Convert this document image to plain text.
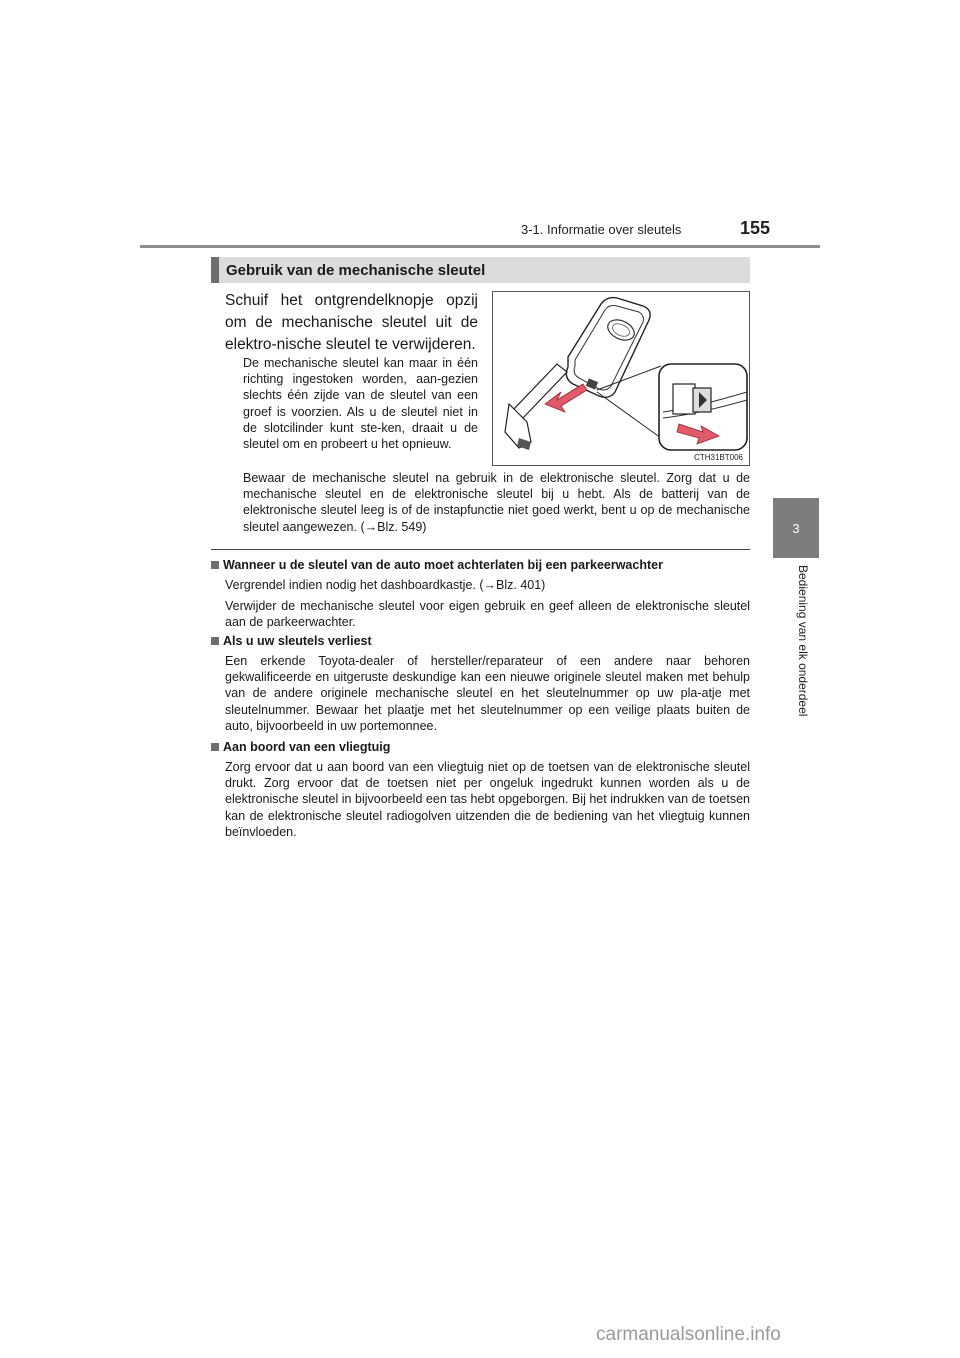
3-1. Informatie over sleutels	155
3
Bediening van elk onderdeel
Gebruik van de mechanische sleutel
Schuif het ontgrendelknopje opzij om de mechanische sleutel uit de elektro-nische sleutel te verwijderen.
De mechanische sleutel kan maar in één richting ingestoken worden, aan-gezien slechts één zijde van de sleutel van een groef is voorzien. Als u de sleutel niet in de slotcilinder kunt ste-ken, draait u de sleutel om en probeert u het opnieuw.
CTH31BT006
Bewaar de mechanische sleutel na gebruik in de elektronische sleutel. Zorg dat u de mechanische sleutel en de elektronische sleutel bij u hebt. Als de batterij van de elektronische sleutel leeg is of de instapfunctie niet goed werkt, bent u op de mechanische sleutel aangewezen. (→Blz. 549)
Wanneer u de sleutel van de auto moet achterlaten bij een parkeerwachter

Vergrendel indien nodig het dashboardkastje. (→Blz. 401)

Verwijder de mechanische sleutel voor eigen gebruik en geef alleen de elektronische sleutel aan de parkeerwachter.

Als u uw sleutels verliest

Een erkende Toyota-dealer of hersteller/reparateur of een andere naar behoren gekwalificeerde en uitgeruste deskundige kan een nieuwe originele sleutel maken met behulp van de andere originele mechanische sleutel en het sleutelnummer op uw pla-atje met sleutelnummer. Bewaar het plaatje met het sleutelnummer op een veilige plaats buiten de auto, bijvoorbeeld in uw portemonnee.

Aan boord van een vliegtuig

Zorg ervoor dat u aan boord van een vliegtuig niet op de toetsen van de elektronische sleutel drukt. Zorg ervoor dat de toetsen niet per ongeluk ingedrukt kunnen worden als u de elektronische sleutel in bijvoorbeeld een tas hebt opgeborgen. Bij het indrukken van de toetsen kan de elektronische sleutel radiogolven uitzenden die de bediening van het vliegtuig kunnen beïnvloeden.

carmanualsonline.info
